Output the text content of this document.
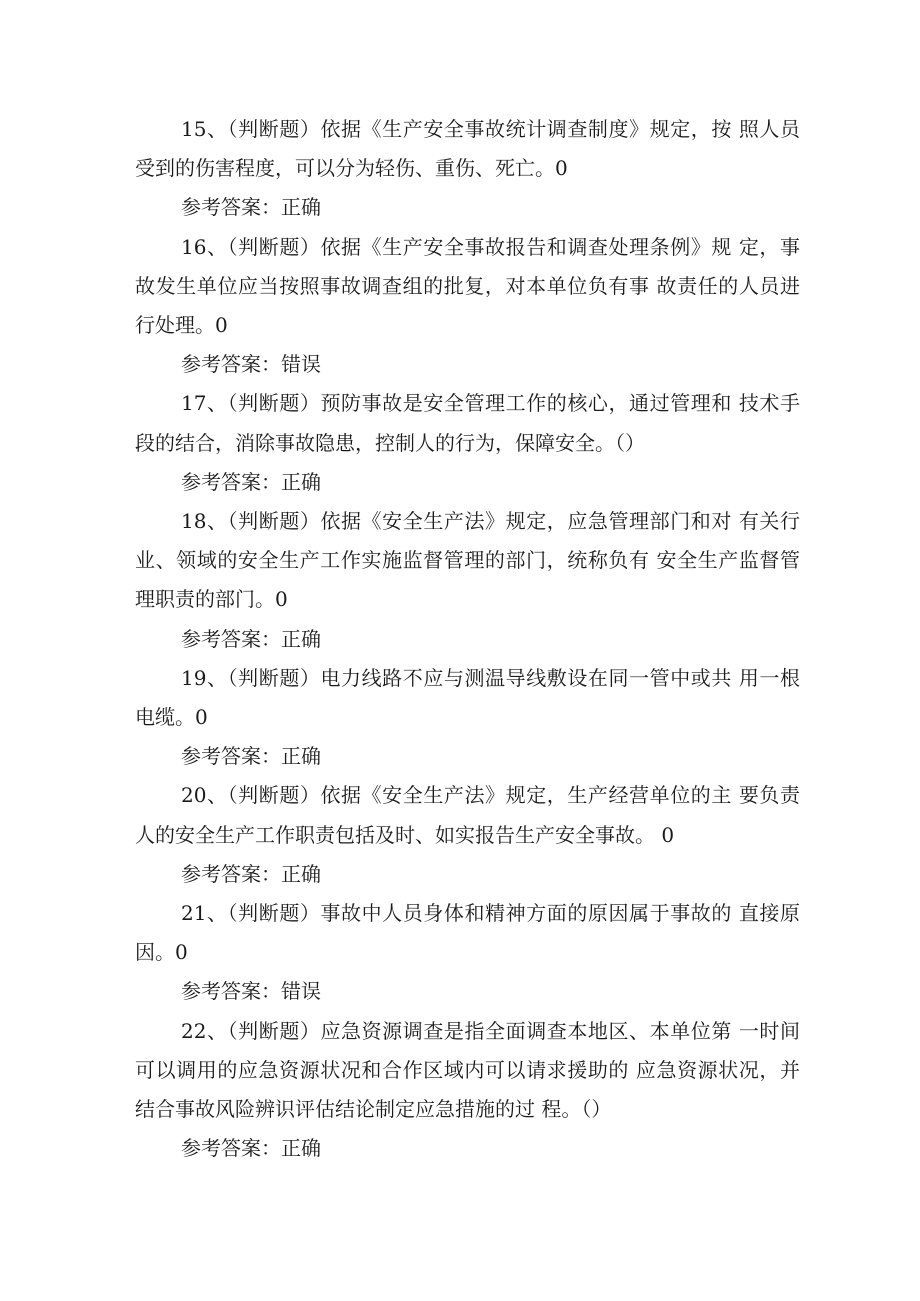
15、（判断题）依据《生产安全事故统计调查制度》规定，按 照人员受到的伤害程度，可以分为轻伤、重伤、死亡。0

参考答案：正确

16、（判断题）依据《生产安全事故报告和调查处理条例》规 定，事故发生单位应当按照事故调查组的批复，对本单位负有事 故责任的人员进行处理。0

参考答案：错误

17、（判断题）预防事故是安全管理工作的核心，通过管理和 技术手段的结合，消除事故隐患，控制人的行为，保障安全。（）

参考答案：正确

18、（判断题）依据《安全生产法》规定，应急管理部门和对 有关行业、领域的安全生产工作实施监督管理的部门，统称负有 安全生产监督管理职责的部门。0

参考答案：正确

19、（判断题）电力线路不应与测温导线敷设在同一管中或共 用一根电缆。0

参考答案：正确

20、（判断题）依据《安全生产法》规定，生产经营单位的主 要负责人的安全生产工作职责包括及时、如实报告生产安全事故。 0

参考答案：正确

21、（判断题）事故中人员身体和精神方面的原因属于事故的 直接原因。0

参考答案：错误

22、（判断题）应急资源调查是指全面调查本地区、本单位第 一时间可以调用的应急资源状况和合作区域内可以请求援助的 应急资源状况，并结合事故风险辨识评估结论制定应急措施的过 程。（）

参考答案：正确
